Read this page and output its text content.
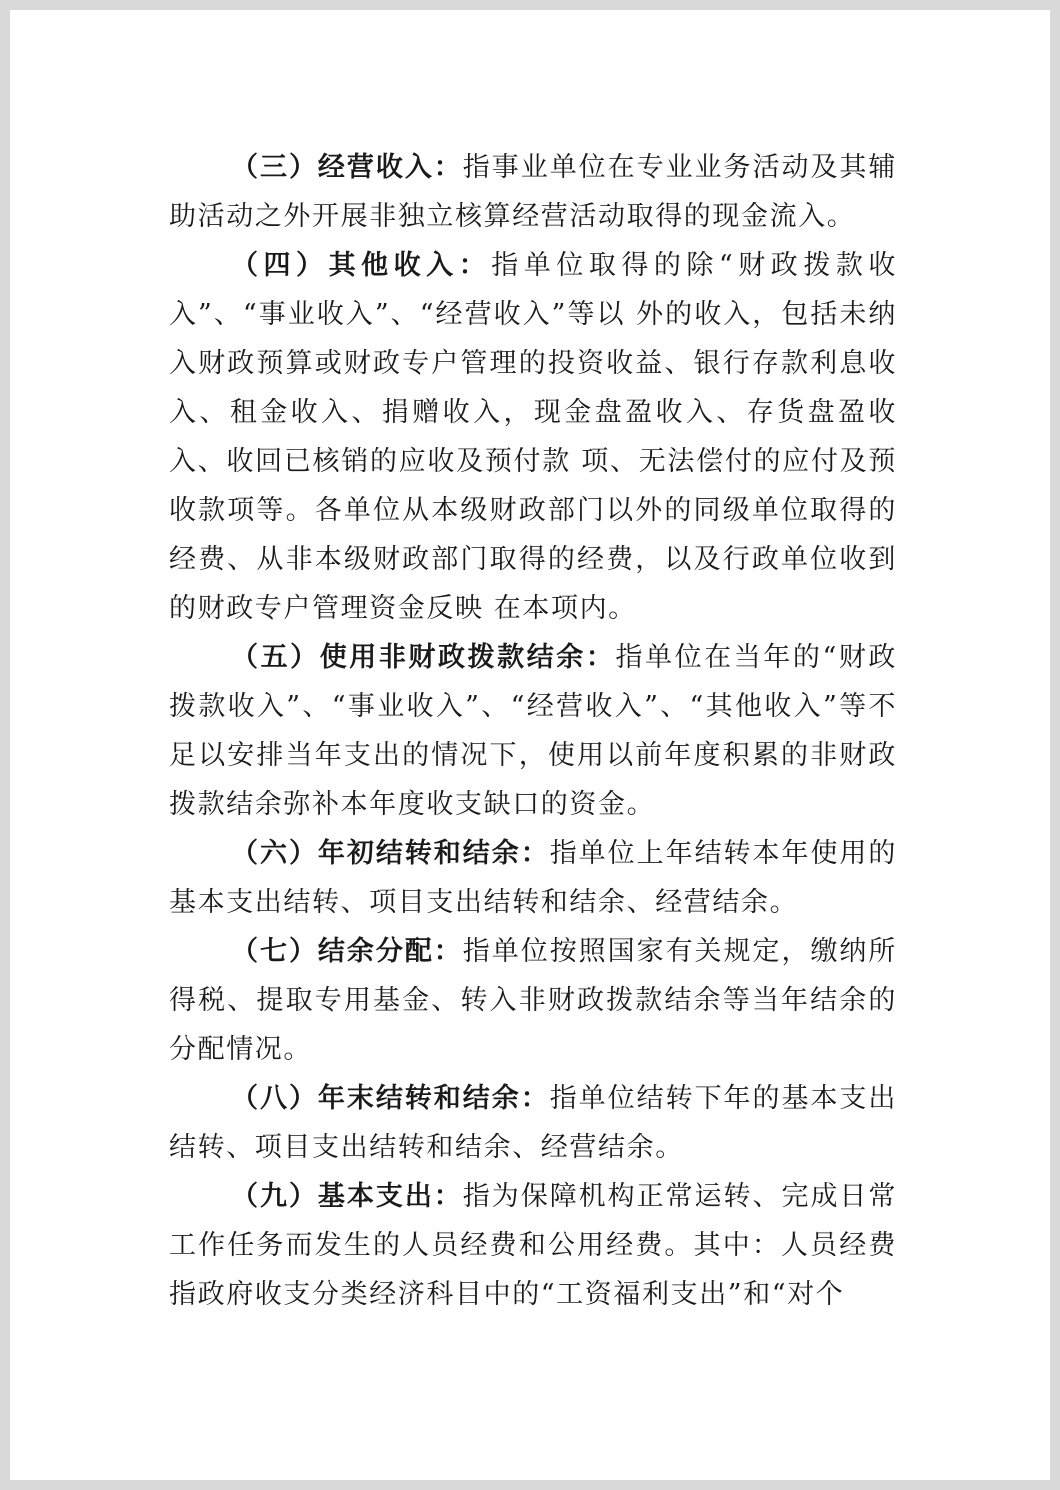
（三）经营收入：指事业单位在专业业务活动及其辅助活动之外开展非独立核算经营活动取得的现金流入。

（四）其他收入：指单位取得的除“财政拨款收入”、“事业收入”、“经营收入”等以 外的收入，包括未纳入财政预算或财政专户管理的投资收益、银行存款利息收入、租金收入、捐赠收入，现金盘盈收入、存货盘盈收入、收回已核销的应收及预付款 项、无法偿付的应付及预收款项等。各单位从本级财政部门以外的同级单位取得的经费、从非本级财政部门取得的经费，以及行政单位收到的财政专户管理资金反映 在本项内。

（五）使用非财政拨款结余：指单位在当年的“财政拨款收入”、“事业收入”、“经营收入”、“其他收入”等不足以安排当年支出的情况下，使用以前年度积累的非财政拨款结余弥补本年度收支缺口的资金。

（六）年初结转和结余：指单位上年结转本年使用的基本支出结转、项目支出结转和结余、经营结余。

（七）结余分配：指单位按照国家有关规定，缴纳所得税、提取专用基金、转入非财政拨款结余等当年结余的分配情况。

（八）年末结转和结余：指单位结转下年的基本支出结转、项目支出结转和结余、经营结余。

（九）基本支出：指为保障机构正常运转、完成日常工作任务而发生的人员经费和公用经费。其中：人员经费指政府收支分类经济科目中的“工资福利支出”和“对个
